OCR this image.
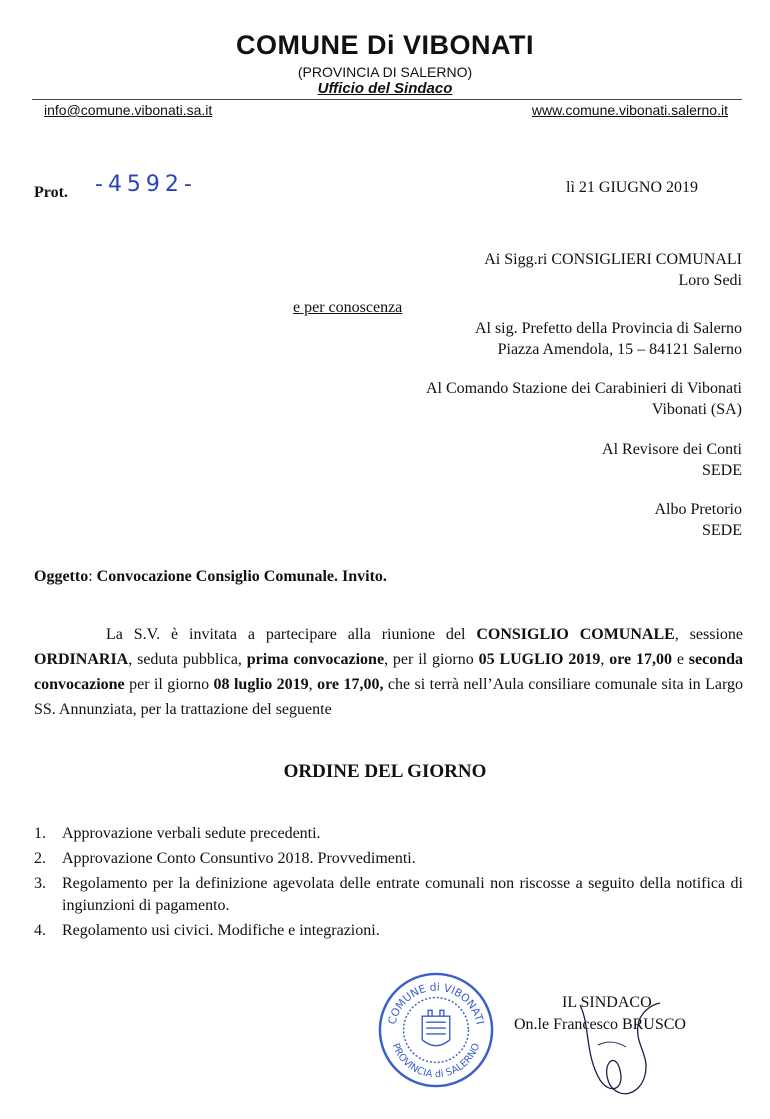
COMUNE Di VIBONATI
(PROVINCIA DI SALERNO)
Ufficio del Sindaco
info@comune.vibonati.sa.it	www.comune.vibonati.salerno.it
Prot. -4592-	lì 21 GIUGNO 2019
Ai Sigg.ri CONSIGLIERI COMUNALI
Loro Sedi
e per conoscenza
Al sig. Prefetto della Provincia di Salerno
Piazza Amendola, 15 – 84121 Salerno
Al Comando Stazione dei Carabinieri di Vibonati
Vibonati (SA)
Al Revisore dei Conti
SEDE
Albo Pretorio
SEDE
Oggetto: Convocazione Consiglio Comunale. Invito.

La S.V. è invitata a partecipare alla riunione del CONSIGLIO COMUNALE, sessione ORDINARIA, seduta pubblica, prima convocazione, per il giorno 05 LUGLIO 2019, ore 17,00 e seconda convocazione per il giorno 08 luglio 2019, ore 17,00, che si terrà nell’Aula consiliare comunale sita in Largo SS. Annunziata, per la trattazione del seguente

ORDINE DEL GIORNO
1. Approvazione verbali sedute precedenti.
2. Approvazione Conto Consuntivo 2018. Provvedimenti.
3. Regolamento per la definizione agevolata delle entrate comunali non riscosse a seguito della notifica di ingiunzioni di pagamento.
4. Regolamento usi civici. Modifiche e integrazioni.
COMUNE di VIBONATI
PROVINCIA di SALERNO
IL SINDACO
On.le Francesco BRUSCO
